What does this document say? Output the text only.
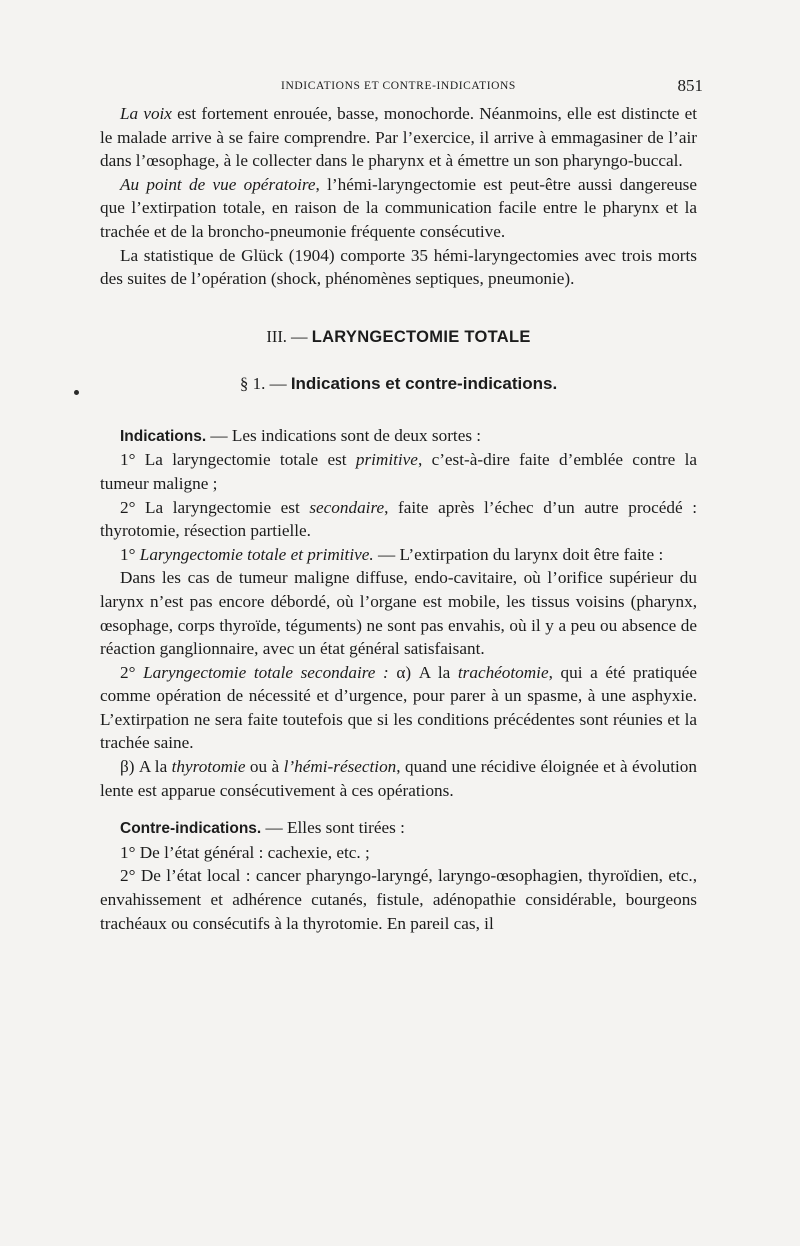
INDICATIONS ET CONTRE-INDICATIONS	851

La voix est fortement enrouée, basse, monochorde. Néanmoins, elle est distincte et le malade arrive à se faire comprendre. Par l’exercice, il arrive à emmagasiner de l’air dans l’œsophage, à le collecter dans le pharynx et à émettre un son pharyngo-buccal.

Au point de vue opératoire, l’hémi-laryngectomie est peut-être aussi dangereuse que l’extirpation totale, en raison de la communication facile entre le pharynx et la trachée et de la broncho-pneumonie fréquente consécutive.

La statistique de Glück (1904) comporte 35 hémi-laryngectomies avec trois morts des suites de l’opération (shock, phénomènes septiques, pneumonie).

III. — LARYNGECTOMIE TOTALE
§ 1. — Indications et contre-indications.

Indications. — Les indications sont de deux sortes :

1° La laryngectomie totale est primitive, c’est-à-dire faite d’emblée contre la tumeur maligne ;

2° La laryngectomie est secondaire, faite après l’échec d’un autre procédé : thyrotomie, résection partielle.

1° Laryngectomie totale et primitive. — L’extirpation du larynx doit être faite :

Dans les cas de tumeur maligne diffuse, endo-cavitaire, où l’orifice supérieur du larynx n’est pas encore débordé, où l’organe est mobile, les tissus voisins (pharynx, œsophage, corps thyroïde, téguments) ne sont pas envahis, où il y a peu ou absence de réaction ganglionnaire, avec un état général satisfaisant.

2° Laryngectomie totale secondaire : α) A la trachéotomie, qui a été pratiquée comme opération de nécessité et d’urgence, pour parer à un spasme, à une asphyxie. L’extirpation ne sera faite toutefois que si les conditions précédentes sont réunies et la trachée saine.

β) A la thyrotomie ou à l’hémi-résection, quand une récidive éloignée et à évolution lente est apparue consécutivement à ces opérations.

Contre-indications. — Elles sont tirées :

1° De l’état général : cachexie, etc. ;

2° De l’état local : cancer pharyngo-laryngé, laryngo-œsophagien, thyroïdien, etc., envahissement et adhérence cutanés, fistule, adénopathie considérable, bourgeons trachéaux ou consécutifs à la thyrotomie. En pareil cas, il
